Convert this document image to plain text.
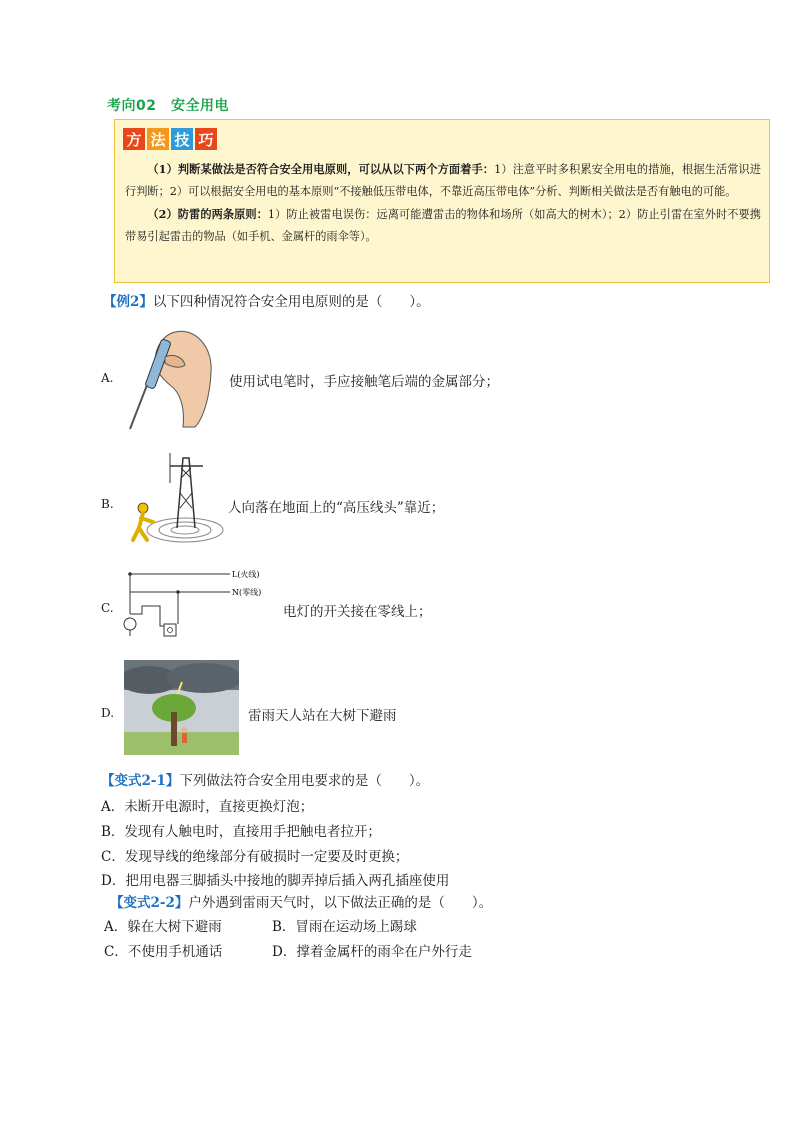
考向02　安全用电
方 法 技 巧
（1）判断某做法是否符合安全用电原则，可以从以下两个方面着手：1）注意平时多积累安全用电的措施，根据生活常识进行判断；2）可以根据安全用电的基本原则“不接触低压带电体，不靠近高压带电体”分析、判断相关做法是否有触电的可能。
（2）防雷的两条原则：1）防止被雷电误伤：远离可能遭雷击的物体和场所（如高大的树木）；2）防止引雷在室外时不要携带易引起雷击的物品（如手机、金属杆的雨伞等）。
【例2】以下四种情况符合安全用电原则的是（　　）。
A.	使用试电笔时，手应接触笔后端的金属部分；
B.	人向落在地面上的“高压线头”靠近；
C.
L(火线)
N(零线)
电灯的开关接在零线上；
D.	雷雨天人站在大树下避雨
【变式2-1】下列做法符合安全用电要求的是（　　）。
A．未断开电源时，直接更换灯泡；
B．发现有人触电时，直接用手把触电者拉开；
C．发现导线的绝缘部分有破损时一定要及时更换；
D．把用电器三脚插头中接地的脚弄掉后插入两孔插座使用
【变式2-2】户外遇到雷雨天气时，以下做法正确的是（　　）。
A．躲在大树下避雨	B．冒雨在运动场上踢球
C．不使用手机通话	D．撑着金属杆的雨伞在户外行走
